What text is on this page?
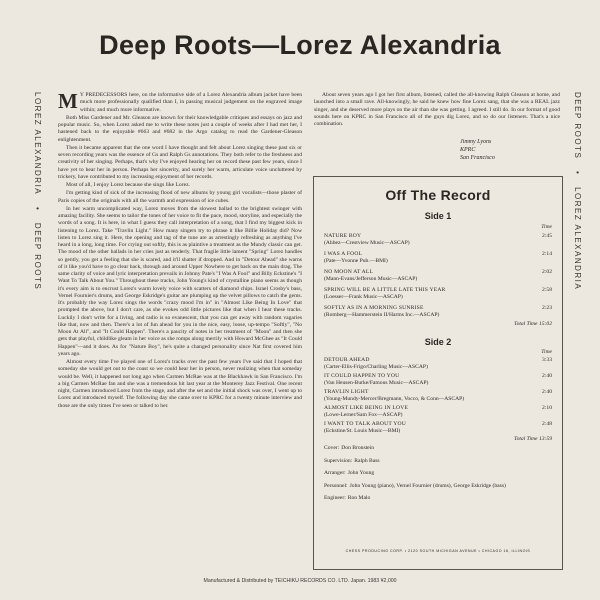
Deep Roots—Lorez Alexandria
LOREZ ALEXANDRIA • DEEP ROOTS
DEEP ROOTS • LOREZ ALEXANDRIA

M Y PREDECESSORS here, on the informative side of a Lorez Alexandria album jacket have been much more professionally qualified than I, in passing musical judgement on the engraved image within; and much more informative.

Both Miss Gardener and Mr. Gleason are known for their knowledgable critiques and essays on jazz and popular music. So, when Lorez asked me to write these notes just a couple of weeks after I had met her, I hastened back to the enjoyable #663 and #682 in the Argo catalog to read the Gardener-Gleason enlightenment.

Then it became apparent that the one word I have thought and felt about Lorez singing these past six or seven recording years was the essence of Gs and Ralph Gs annotations. They both refer to the freshness and creativity of her singing. Perhaps, that's why I've enjoyed hearing her on record these past few years, since I have yet to hear her in person. Perhaps her sincerity, and surely her warm, articulate voice uncluttered by trickery, have contributed to my increasing enjoyment of her records.

Most of all, I enjoy Lorez because she sings like Lorez.

I'm getting kind of sick of the increasing flood of new albums by young girl vocalists—those plaster of Paris copies of the originals with all the warmth and expression of ice cubes.

In her warm uncomplicated way, Lorez moves from the slowest ballad to the brightest swinger with amazing facility. She seems to tailor the tones of her voice to fit the pace, mood, storyline, and especially the words of a song. It is here, in what I guess they call interpretation of a song, that I find my biggest kick in listening to Lorez. Take "Travlin Light." How many singers try to phrase it like Billie Holiday did? Now listen to Lorez sing it. Here, the opening and tag of the tune are as arrestingly refreshing as anything I've heard in a long, long time. For crying out softly, this is as plaintive a treatment as the Mundy classic can get. The mood of the other ballads in her cries just as tenderly. That fragile little lament "Spring" Lorez handles so gently, you get a feeling that she is scared, and it'll shatter if dropped. And in "Detour Ahead" she warns of it like you'd have to go clear back, through and around Upper Nowhere to get back on the main drag. The same clarity of voice and lyric interpretation prevails in Johnny Pate's "I Was A Fool" and Billy Eckstine's "I Want To Talk About You." Throughout these tracks, John Young's kind of crystalline piano seems as though it's every aim is to encrust Lorez's warm lovely voice with scatters of diamond chips. Israel Crosby's bass, Vernel Fournier's drums, and George Eskridge's guitar are plumping up the velvet pillows to catch the gems. It's probably the way Lorez sings the words "crazy mood I'm in" in "Almost Like Being In Love" that prompted the above, but I don't care, as she evokes odd little pictures like that when I hear these tracks. Luckily I don't write for a living, and radio is so evanescent, that you can get away with random vagaries like that, now and then. There's a lot of fun ahead for you in the nice, easy, loose, up-tempo "Softly", "No Moon At All", and "It Could Happen". There's a paucity of notes in her treatment of "Moon" and then she gets that playful, childlike gleam in her voice as she romps along merrily with Howard McGhee as "It Could Happen"—and it does. As for "Nature Boy", he's quite a changed personality since Nat first covered him years ago.

Almost every time I've played one of Lorez's tracks over the past few years I've said that I hoped that someday she would get out to the coast so we could hear her in person, never realizing when that someday would be. Well, it happened not long ago when Carmen McRae was at the Blackhawk in San Francisco. I'm a big Carmen McRae fan and she was a tremendous hit last year at the Monterey Jazz Festival. One recent night, Carmen introduced Lorez from the stage, and after the set and the initial shock was over, I went up to Lorez and introduced myself. The following day she came over to KPRC for a twenty minute interview and those are the only times I've seen or talked to her.

About seven years ago I got her first album, listened, called the all-knowing Ralph Gleason at home, and launched into a small rave. All-knowingly, he said he knew how fine Lorez sang, that she was a REAL jazz singer, and she deserved more plays on the air than she was getting. I agreed. I still do. In our format of good sounds here on KPRC in San Francisco all of the guys dig Lorez, and so do our listeners. That's a nice combination.

Jimmy Lyons
KPRC
San Francisco
Off The Record
Side 1
Time
NATURE BOY
(Ahbez—Crestview Music—ASCAP)
2:45
I WAS A FOOL
(Pate—Yvonne Pub.—BMI)
2:14
NO MOON AT ALL
(Mann-Evans/Jefferson Music—ASCAP)
2:02
SPRING WILL BE A LITTLE LATE THIS YEAR
(Loesser—Frank Music—ASCAP)
2:58
SOFTLY AS IN A MORNING SUNRISE
(Romberg—Hammerstein II/Harms Inc.—ASCAP)
2:23
Total Time 15:02
Side 2
Time
DETOUR AHEAD
(Carter-Ellis-Frigo/Charling Music—ASCAP)
3:33
IT COULD HAPPEN TO YOU
(Van Heusen-Burke/Famous Music—ASCAP)
2:40
TRAVLIN LIGHT
(Young-Mundy-Mercer/Bregmann, Vocco, & Conn—ASCAP)
2:40
ALMOST LIKE BEING IN LOVE
(Lowe-Lerner/Sam Fox—ASCAP)
2:10
I WANT TO TALK ABOUT YOU
(Eckstine/St. Louis Music—BMI)
2:48
Total Time 13:59
Cover: Don Bronstein
Supervision: Ralph Bass
Arranger: John Young
Personnel: John Young (piano), Vernel Fournier (drums), George Eskridge (bass)
Engineer: Ron Malo
CHESS PRODUCING CORP. • 2120 SOUTH MICHIGAN AVENUE • CHICAGO 16, ILLINOIS
Manufactured & Distributed by TEICHIKU RECORDS CO. LTD. Japan. 1983 ¥2,000
